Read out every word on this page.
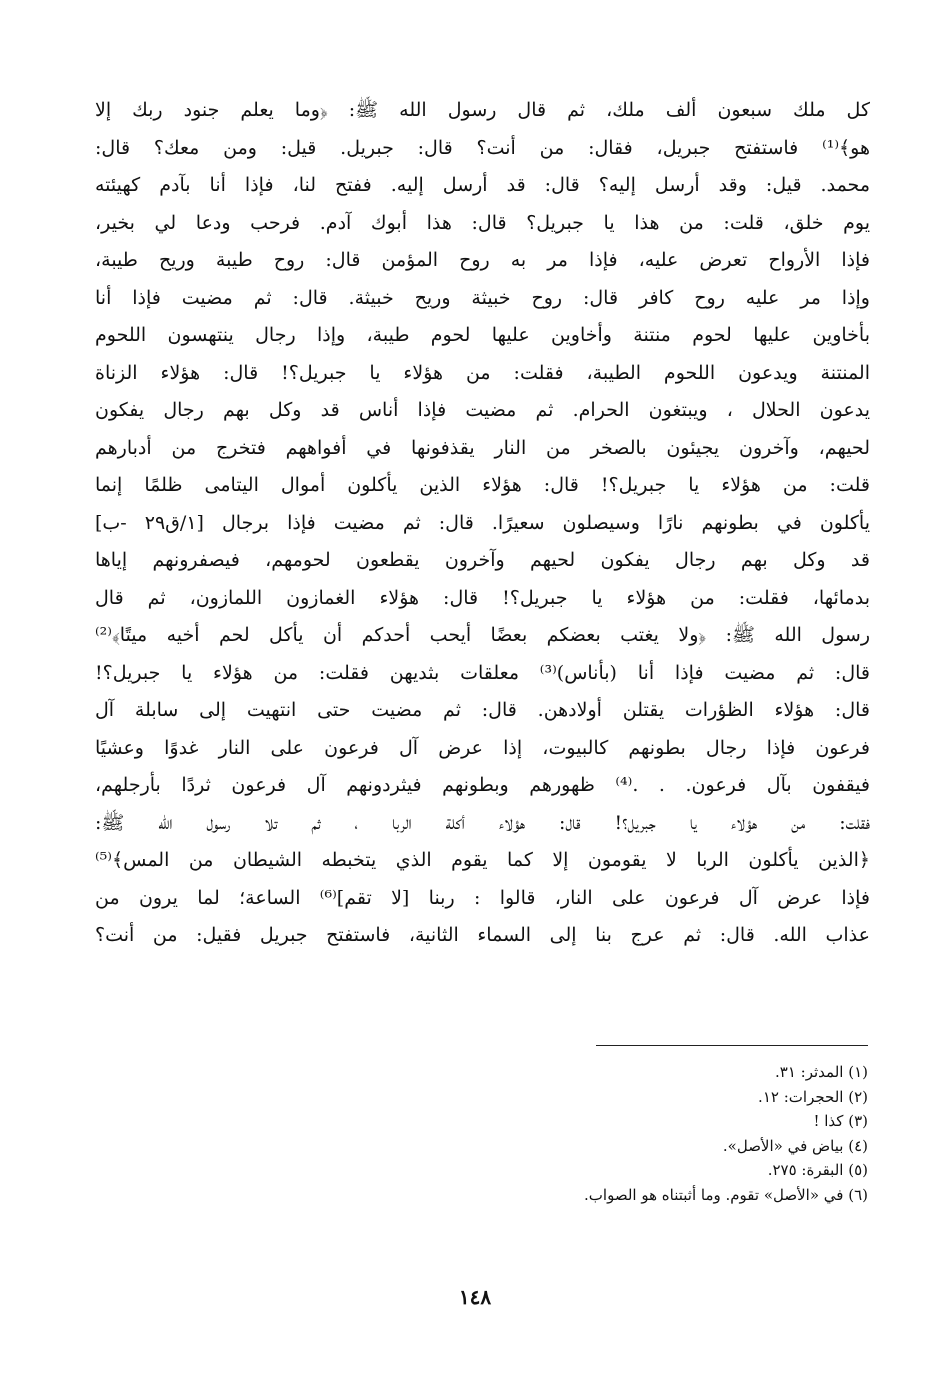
كل ملك سبعون ألف ملك، ثم قال رسول الله ﷺ: ﴿وما يعلم جنود ربك إلا
هو﴾⁽¹⁾ فاستفتح جبريل، فقال: من أنت؟ قال: جبريل. قيل: ومن معك؟ قال:
محمد. قيل: وقد أرسل إليه؟ قال: قد أرسل إليه. ففتح لنا، فإذا أنا بآدم كهيئته
يوم خلق، قلت: من هذا يا جبريل؟ قال: هذا أبوك آدم. فرحب ودعا لي بخير،
فإذا الأرواح تعرض عليه، فإذا مر به روح المؤمن قال: روح طيبة وريح طيبة،
وإذا مر عليه روح كافر قال: روح خبيثة وريح خبيثة. قال: ثم مضيت فإذا أنا
بأخاوين عليها لحوم منتنة وأخاوين عليها لحوم طيبة، وإذا رجال ينتهسون اللحوم
المنتنة ويدعون اللحوم الطيبة، فقلت: من هؤلاء يا جبريل؟! قال: هؤلاء الزناة
يدعون الحلال ، ويبتغون الحرام. ثم مضيت فإذا أناس قد وكل بهم رجال يفكون
لحيهم، وآخرون يجيئون بالصخر من النار يقذفونها في أفواههم فتخرج من أدبارهم
قلت: من هؤلاء يا جبريل؟! قال: هؤلاء الذين يأكلون أموال اليتامى ظلمًا إنما
يأكلون في بطونهم نارًا وسيصلون سعيرًا. قال: ثم مضيت فإذا برجال [١/ق٢٩ -ب]
قد وكل بهم رجال يفكون لحيهم وآخرون يقطعون لحومهم، فيصفرونهم إياها
بدمائها، فقلت: من هؤلاء يا جبريل؟! قال: هؤلاء الغمازون اللمازون، ثم قال
رسول الله ﷺ: ﴿ولا يغتب بعضكم بعضًا أيحب أحدكم أن يأكل لحم أخيه ميتًا﴾⁽²⁾
قال: ثم مضيت فإذا أنا (بأناس)⁽³⁾ معلقات بثديهن فقلت: من هؤلاء يا جبريل؟!
قال: هؤلاء الظؤرات يقتلن أولادهن. قال: ثم مضيت حتى انتهيت إلى سابلة آل
فرعون فإذا رجال بطونهم كالبيوت، إذا عرض آل فرعون على النار غدوًا وعشيًا
فيقفون بآل فرعون. . .⁽⁴⁾ ظهورهم وبطونهم فيثردونهم آل فرعون ثردًا بأرجلهم،
فقلت: من هؤلاء يا جبريل؟! قال: هؤلاء أكلة الربا ، ثم تلا رسول الله ﷺ:
﴿الذين يأكلون الربا لا يقومون إلا كما يقوم الذي يتخبطه الشيطان من المس﴾⁽⁵⁾
فإذا عرض آل فرعون على النار، قالوا : ربنا [لا تقم]⁽⁶⁾ الساعة؛ لما يرون من
عذاب الله. قال: ثم عرج بنا إلى السماء الثانية، فاستفتح جبريل فقيل: من أنت؟
(١) المدثر: ٣١.
(٢) الحجرات: ١٢.
(٣) كذا !
(٤) بياض في «الأصل».
(٥) البقرة: ٢٧٥.
(٦) في «الأصل» تقوم. وما أثبتناه هو الصواب.
١٤٨
